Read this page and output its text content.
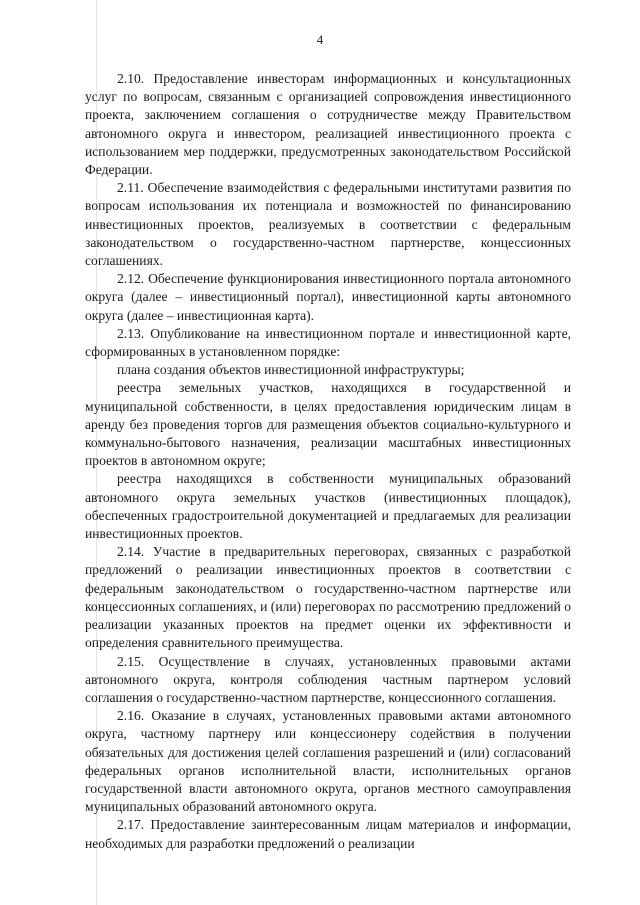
4

2.10. Предоставление инвесторам информационных и консультационных услуг по вопросам, связанным с организацией сопровождения инвестиционного проекта, заключением соглашения о сотрудничестве между Правительством автономного округа и инвестором, реализацией инвестиционного проекта с использованием мер поддержки, предусмотренных законодательством Российской Федерации.

2.11. Обеспечение взаимодействия с федеральными институтами развития по вопросам использования их потенциала и возможностей по финансированию инвестиционных проектов, реализуемых в соответствии с федеральным законодательством о государственно-частном партнерстве, концессионных соглашениях.

2.12. Обеспечение функционирования инвестиционного портала автономного округа (далее – инвестиционный портал), инвестиционной карты автономного округа (далее – инвестиционная карта).

2.13. Опубликование на инвестиционном портале и инвестиционной карте, сформированных в установленном порядке:

плана создания объектов инвестиционной инфраструктуры;

реестра земельных участков, находящихся в государственной и муниципальной собственности, в целях предоставления юридическим лицам в аренду без проведения торгов для размещения объектов социально-культурного и коммунально-бытового назначения, реализации масштабных инвестиционных проектов в автономном округе;

реестра находящихся в собственности муниципальных образований автономного округа земельных участков (инвестиционных площадок), обеспеченных градостроительной документацией и предлагаемых для реализации инвестиционных проектов.

2.14. Участие в предварительных переговорах, связанных с разработкой предложений о реализации инвестиционных проектов в соответствии с федеральным законодательством о государственно-частном партнерстве или концессионных соглашениях, и (или) переговорах по рассмотрению предложений о реализации указанных проектов на предмет оценки их эффективности и определения сравнительного преимущества.

2.15. Осуществление в случаях, установленных правовыми актами автономного округа, контроля соблюдения частным партнером условий соглашения о государственно-частном партнерстве, концессионного соглашения.

2.16. Оказание в случаях, установленных правовыми актами автономного округа, частному партнеру или концессионеру содействия в получении обязательных для достижения целей соглашения разрешений и (или) согласований федеральных органов исполнительной власти, исполнительных органов государственной власти автономного округа, органов местного самоуправления муниципальных образований автономного округа.

2.17. Предоставление заинтересованным лицам материалов и информации, необходимых для разработки предложений о реализации
